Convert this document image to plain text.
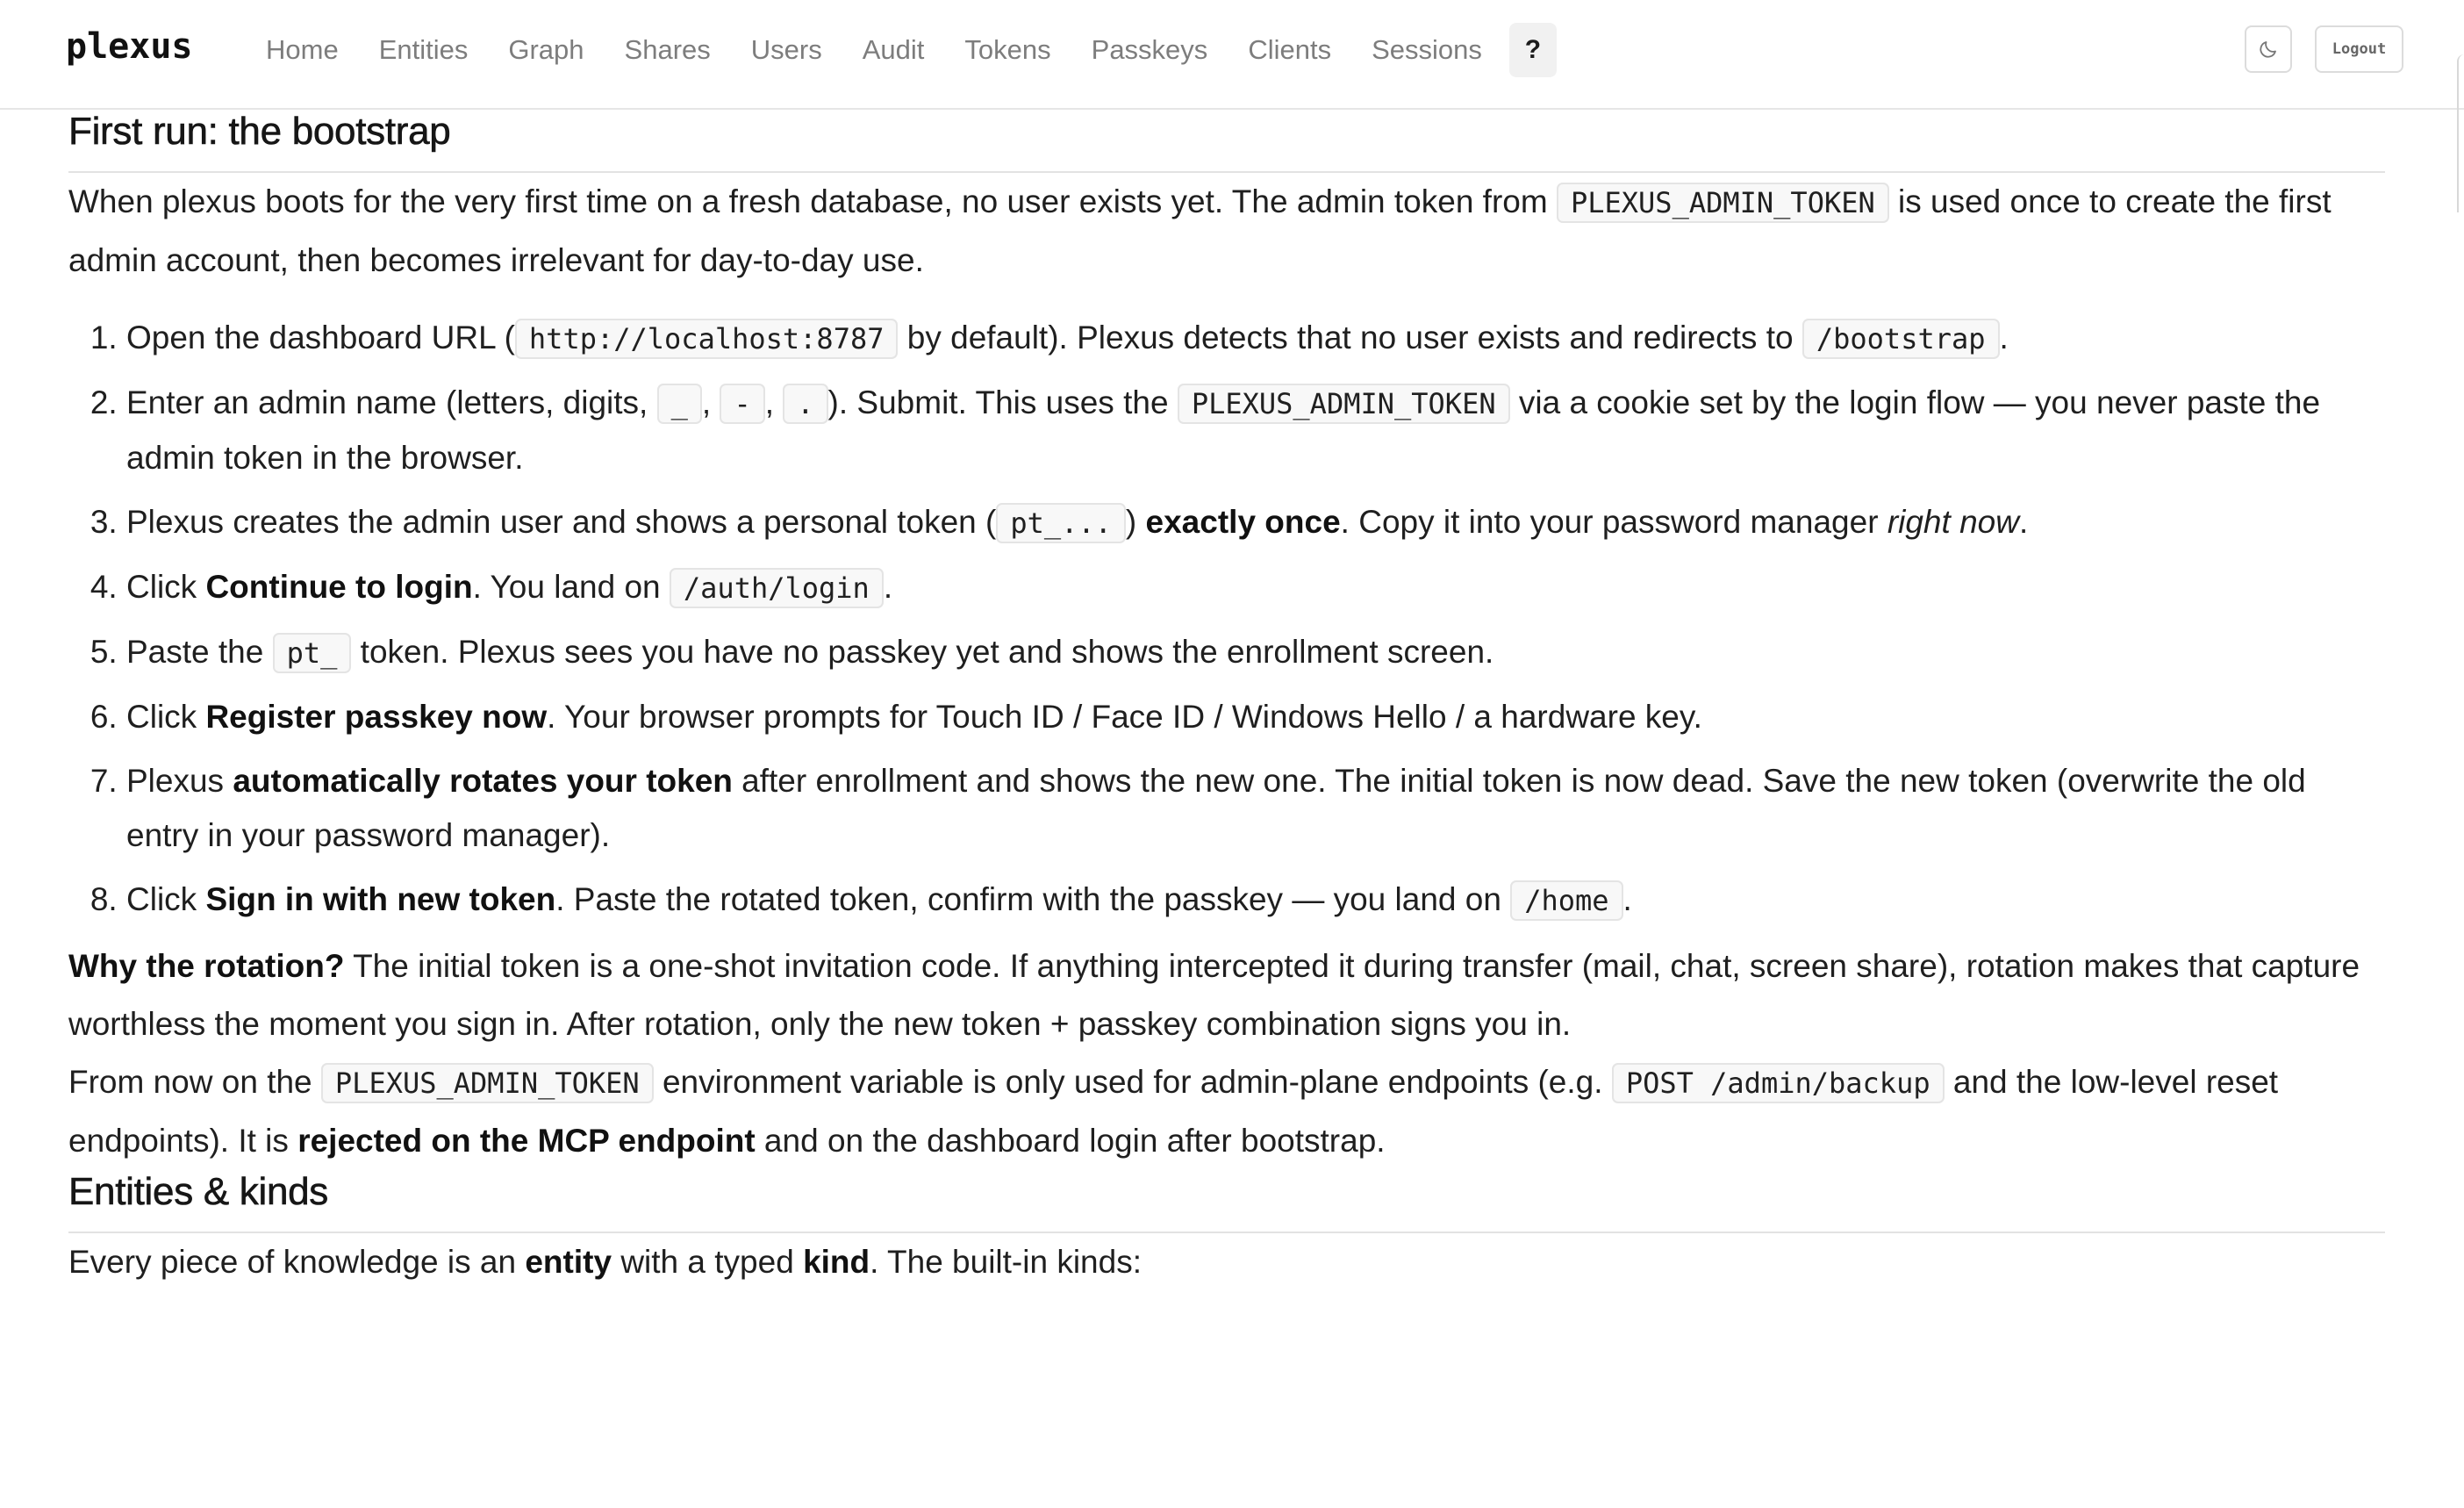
plexus	Home	Entities	Graph	Shares	Users	Audit	Tokens	Passkeys	Clients	Sessions	?	Logout
First run: the bootstrap

When plexus boots for the very first time on a fresh database, no user exists yet. The admin token from PLEXUS_ADMIN_TOKEN is used once to create the first admin account, then becomes irrelevant for day-to-day use.

1. Open the dashboard URL ( http://localhost:8787 by default). Plexus detects that no user exists and redirects to /bootstrap .
2. Enter an admin name (letters, digits, _ , - , . ). Submit. This uses the PLEXUS_ADMIN_TOKEN via a cookie set by the login flow — you never paste the admin token in the browser.
3. Plexus creates the admin user and shows a personal token ( pt_... ) exactly once. Copy it into your password manager right now.
4. Click Continue to login. You land on /auth/login .
5. Paste the pt_ token. Plexus sees you have no passkey yet and shows the enrollment screen.
6. Click Register passkey now. Your browser prompts for Touch ID / Face ID / Windows Hello / a hardware key.
7. Plexus automatically rotates your token after enrollment and shows the new one. The initial token is now dead. Save the new token (overwrite the old entry in your password manager).
8. Click Sign in with new token. Paste the rotated token, confirm with the passkey — you land on /home .

Why the rotation? The initial token is a one-shot invitation code. If anything intercepted it during transfer (mail, chat, screen share), rotation makes that capture worthless the moment you sign in. After rotation, only the new token + passkey combination signs you in.

From now on the PLEXUS_ADMIN_TOKEN environment variable is only used for admin-plane endpoints (e.g. POST /admin/backup and the low-level reset endpoints). It is rejected on the MCP endpoint and on the dashboard login after bootstrap.

Entities & kinds

Every piece of knowledge is an entity with a typed kind. The built-in kinds:
